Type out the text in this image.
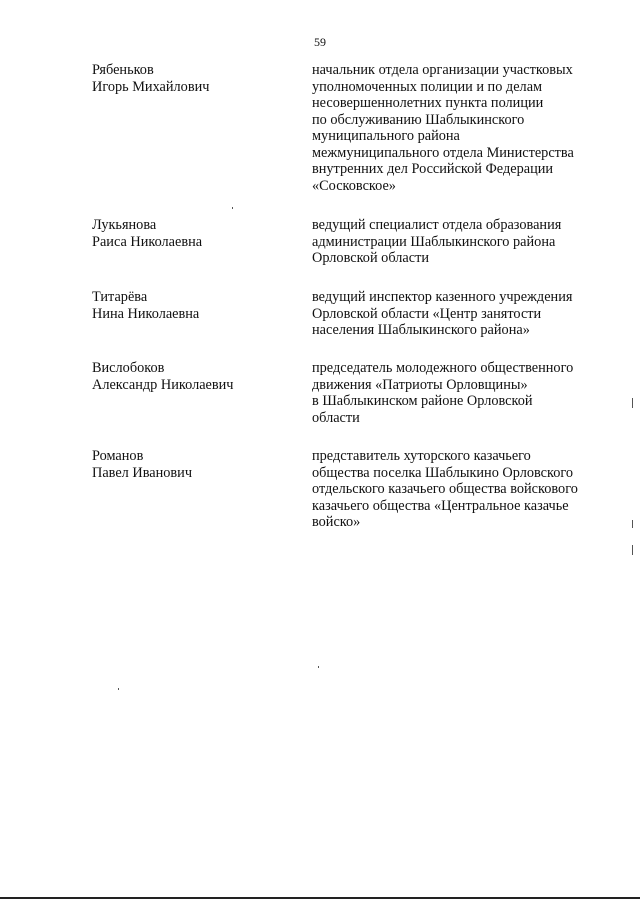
59
Рябеньков
Игорь Михайлович
начальник отдела организации участковых
уполномоченных полиции и по делам
несовершеннолетних пункта полиции
по обслуживанию Шаблыкинского
муниципального района
межмуниципального отдела Министерства
внутренних дел Российской Федерации
«Сосковское»
Лукьянова
Раиса Николаевна
ведущий специалист отдела образования
администрации Шаблыкинского района
Орловской области
Титарёва
Нина Николаевна
ведущий инспектор казенного учреждения
Орловской области «Центр занятости
населения Шаблыкинского района»
Вислобоков
Александр Николаевич
председатель молодежного общественного
движения «Патриоты Орловщины»
в Шаблыкинском районе Орловской
области
Романов
Павел Иванович
представитель хуторского казачьего
общества поселка Шаблыкино Орловского
отдельского казачьего общества войскового
казачьего общества «Центральное казачье
войско»
